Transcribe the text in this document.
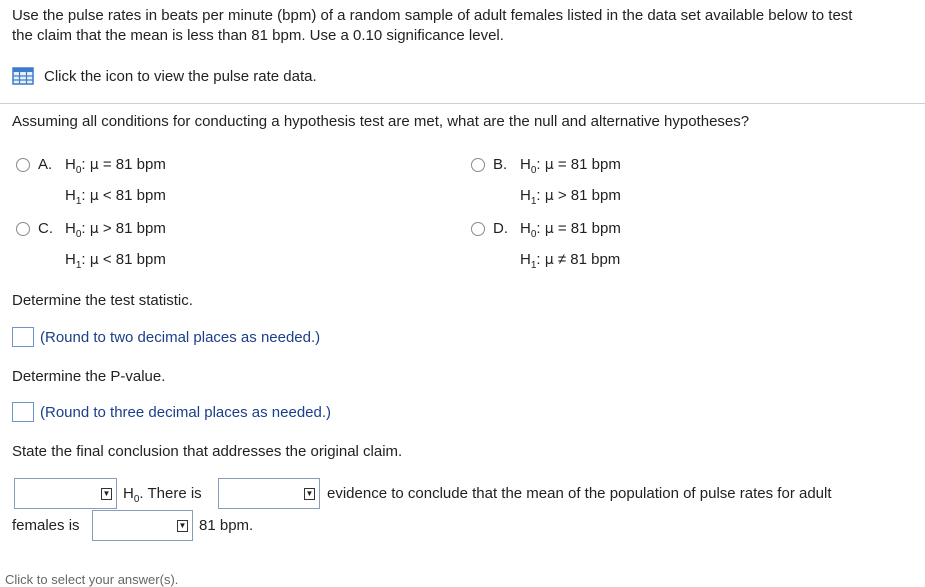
Use the pulse rates in beats per minute (bpm) of a random sample of adult females listed in the data set available below to test
the claim that the mean is less than 81 bpm. Use a 0.10 significance level.
Click the icon to view the pulse rate data.
Assuming all conditions for conducting a hypothesis test are met, what are the null and alternative hypotheses?
A. $H_0$: μ = 81 bpm
$H_1$: μ < 81 bpm
B. $H_0$: μ = 81 bpm
$H_1$: μ > 81 bpm
C. $H_0$: μ > 81 bpm
$H_1$: μ < 81 bpm
D. $H_0$: μ = 81 bpm
$H_1$: μ ≠ 81 bpm
Determine the test statistic.
(Round to two decimal places as needed.)
Determine the P-value.
(Round to three decimal places as needed.)
State the final conclusion that addresses the original claim.
▼ $H_0$. There is	▼ evidence to conclude that the mean of the population of pulse rates for adult
females is	▼ 81 bpm.
Click to select your answer(s).
